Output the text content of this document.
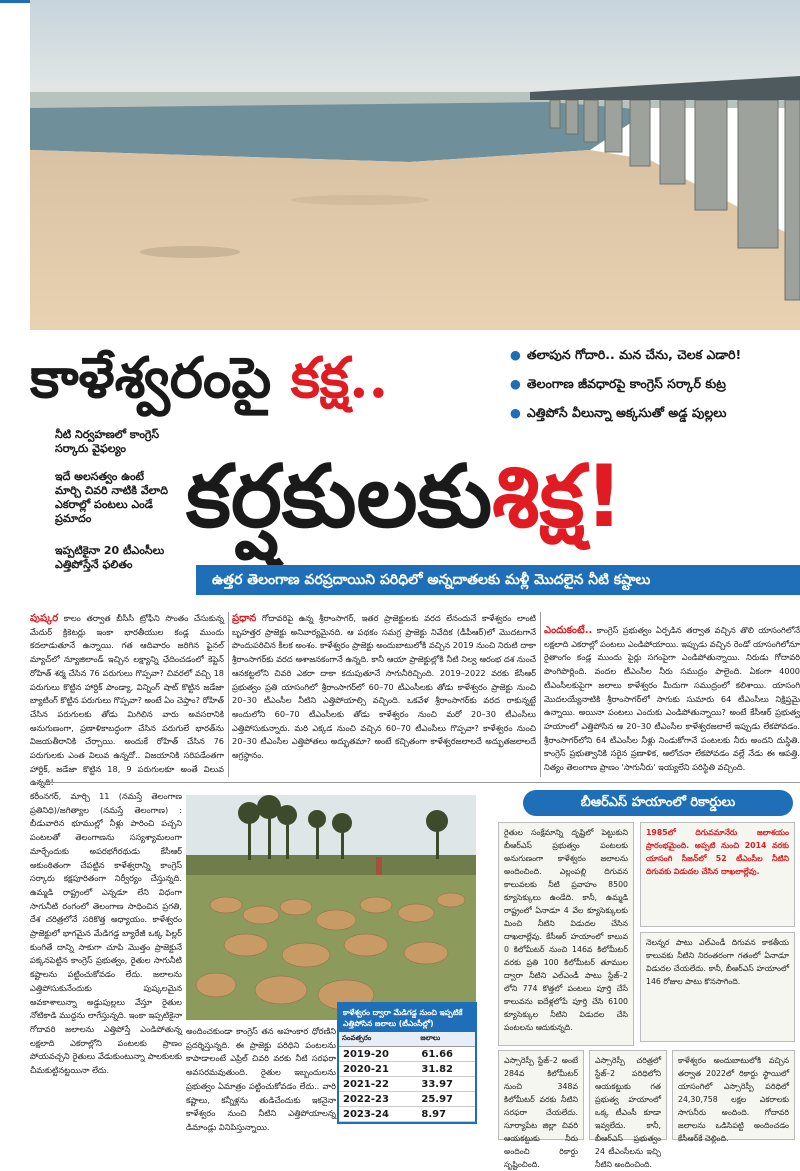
కాళేశ్వరంపై కక్ష..	● తలాపున గోదారి.. మన చేను, చెలక ఎడారి!
● తెలంగాణ జీవధారపై కాంగ్రెస్‌ సర్కార్‌ కుట్ర
● ఎత్తిపోసే వీలున్నా అక్కసుతో అడ్డ పుల్లలు
నీటి నిర్వహణలో కాంగ్రెస్‌ సర్కారు వైఫల్యం
ఇదే అలసత్వం ఉంటే మార్చి చివరి నాటికి వేలాది ఎకరాల్లో పంటలు ఎండే ప్రమాదం
ఇప్పటికైనా 20 టీఎంసీలు ఎత్తిపోస్తేనే ఫలితం
కర్షకులకుశిక్ష!
ఉత్తర తెలంగాణ వరప్రదాయిని పరిధిలో అన్నదాతలకు మళ్లీ మొదలైన నీటి కష్టాలు
పుష్కర కాలం తర్వాత బీసీసీ ట్రోఫీని సొంతం చేసుకున్న మేదుర్‌ క్రికెటర్లు ఇంకా భారతీయుల కండ్ల ముందు కదలాడుతూనే ఉన్నాయి. గత ఆదివారం జరిగిన ఫైనల్‌ మ్యాచ్‌లో న్యూజిలాండ్‌ ఇచ్చిన లక్ష్యాన్ని ఛేదించడంలో కెప్టెన్‌ రోహిత్‌ శర్మ చేసిన 76 పరుగులు గొప్పవా? చివరలో వచ్చి 18 పరుగులు కొట్టిన హార్దిక్‌ పాండ్యా, విన్నింగ్‌ షాట్‌ కొట్టిన జడేజా బ్యాటింగ్‌ కొట్టిన పరుగులు గొప్పవా? అంటే ఏం చెప్తాం? రోహిత్‌ చేసిన పరుగులకు తోడు మిగిలిన వారు అవసరానికి అనుగుణంగా, ప్రణాళికాబద్ధంగా చేసిన పరుగులే భారత్‌ను విజయతీరానికి చేర్చాయి. అందుకే రోహిత్‌ చేసిన 76 పరుగులకు ఎంత విలువ ఉన్నదో.. విజయానికి సరిపడేంతగా హార్దిక్‌, జడేజా కొట్టిన 18, 9 పరుగులకూ అంతే విలువ
ప్రధాన గోదావరిపై ఉన్న శ్రీరాంసాగర్‌, ఇతర ప్రాజెక్టులకు వరద లేనందునే కాళేశ్వరం లాంటి బృహత్తర ప్రాజెక్టు అనివార్యమైనది. ఆ పథకం సమగ్ర ప్రాజెక్టు నివేదిక (డీపీఆర్‌)లో మొదటగానే పొందుపరిచిన కీలక అంశం. కాళేశ్వరం ప్రాజెక్టు అందుబాటులోకి వచ్చిన 2019 నుంచి నిరుటి దాకా శ్రీరాంసాగర్‌కు వరద ఆశాజనకంగానే ఉన్నది. కానీ ఆయా ప్రాజెక్టుల్లోకి నీటి నిల్వ ఆరంభ దశ నుంచే ఆనకట్టలోని చివరి ఎకరా దాకా కదుపుతూనే సాగునీరిచ్చింది. 2019–2022 వరకు కేసీఆర్‌ ప్రభుత్వం ప్రతి యాసంగిలో శ్రీరాంసాగర్‌లో 60–70 టీఎంసీలకు తోడు కాళేశ్వరం ప్రాజెక్టు నుంచి 20–30 టీఎంసీల నీటిని ఎత్తిపోయాల్సి వచ్చింది. ఒకవేళ శ్రీరాంసాగర్‌కు వరద రాకున్నట్టే అందులోని 60–70 టీఎంసీలకు తోడు కాళేశ్వరం నుంచి మరో 20–30 టీఎంసీలు ఎత్తిపోసుకున్నారు. మరి ఎక్కడ నుంచి వచ్చిన 60–70 టీఎంసీలు గొప్పవా? కాళేశ్వరం నుంచి 20–30 టీఎంసీల ఎత్తిపోతలు అద్భుతమా? అంటే కచ్చితంగా కాళేశ్వరజలాలదే అద్భుతజలాలదే అగ్రస్థానం.
ఎందుకంటే.. కాంగ్రెస్‌ ప్రభుత్వం ఏర్పడిన తర్వాత వచ్చిన తొలి యాసంగిలోనే లక్షలాది ఎకరాల్లో పంటలు ఎండిపోయాయి. ఇప్పుడు వచ్చిన రెండో యాసంగిలోనూ రైతాంగం కండ్ల ముందు పైర్లు సగంపైగా ఎండిపోతున్నాయి. నిరుడు గోదావరి పొంగిపొర్లింది. వందల టీఎంసీల నీరు సముద్రం పాలైంది. ఏకంగా 4000 టీఎంసీలకుపైగా జలాలు కాళేశ్వరం మీదుగా సముద్రంలో కలిశాయి. యాసంగి మొదలయ్యేనాటికి శ్రీరాంసాగర్‌లో సాగుకు సుమారు 64 టీఎంసీలు నిక్షిప్తమై ఉన్నాయి. అయినా పంటలు ఎందుకు ఎండిపోతున్నాయి? అంటే కేసీఆర్‌ ప్రభుత్వ హయాంలో ఎత్తిపోసిన ఆ 20–30 టీఎంసీల కాళేశ్వరజలాలే ఇప్పుడు లేకపోవడం. శ్రీరాంసాగర్‌లోని 64 టీఎంసీల నీళ్లు నిండుకోగానే పంటలకు నీరు అందని దుస్థితి. కాంగ్రెస్‌ ప్రభుత్వానికి సరైన ప్రణాళిక, ఆలోచనా లేకపోవడం వల్లే నేడు ఈ ఆపత్తి. నిత్యం తెలంగాణ ప్రాణం 'సాగునీరు' ఇయ్యలేని పరిస్థితి వచ్చింది.
కరీంనగర్‌, మార్చి 11 (నమస్తే తెలంగాణ ప్రతినిధి)/జగిత్యాల (నమస్తే తెలంగాణ) : బీడువారిన భూముల్లో నీళ్లు పారించి పచ్చని పంటలతో తెలంగాణను సస్యశ్యామలంగా మార్చేందుకు అపరభగీరథుడు కేసీఆర్‌ అకుంఠితంగా చేపట్టిన కాళేశ్వరాన్ని కాంగ్రెస్‌ సర్కారు కక్షపూరితంగా నిర్వీర్యం చేస్తున్నది. ఉమ్మడి రాష్ట్రంలో ఎన్నడూ లేని విధంగా సాగునీటి రంగంలో తెలంగాణ సాధించిన ప్రగతి, దేశ చరిత్రలోనే సరికొత్త అధ్యాయం. కాళేశ్వరం ప్రాజెక్టులో భాగమైన మేడిగడ్డ బ్యారేజీ ఒక్క పిల్లర్‌ కుంగితే దాన్ని సాకుగా చూపి మొత్తం ప్రాజెక్టునే పక్కనపెట్టిన కాంగ్రెస్‌ ప్రభుత్వం, రైతుల సాగునీటి కష్టాలను పట్టించుకోవడం లేదు. జలాలను ఎత్తిపోసుకునేందుకు పుష్కలమైన అవకాశాలున్నా అడ్డుపుల్లలు వేస్తూ రైతుల నోటికాడి ముద్దను లాగేస్తున్నది. ఇంకా ఇప్పటికైనా గోదావరి జలాలను ఎత్తిపోస్తే ఎండిపోతున్న లక్షలాది ఎకరాల్లోని పంటలకు ప్రాణం పోయవచ్చని రైతులు వేడుకుంటున్నా పాలకులకు చీమకుట్టినట్టయినా లేదు.
అందించకుండా కాంగ్రెస్‌ తన అహంకార ధోరణిని ప్రదర్శిస్తున్నది. ఈ ప్రాజెక్టు పరిధిని పంటలను కాపాడాలంటే ఎప్రిల్‌ చివరి వరకు నీటి సరఫరా అవసరమవుతుంది. రైతుల ఇబ్బందులను ప్రభుత్వం ఏమాత్రం పట్టించుకోవడం లేదు.. వారి కష్టాలు, కన్నీళ్లను తుడిచేందుకు ఇకనైనా కాళేశ్వరం నుంచి నీటిని ఎత్తిపోయాలన్న డిమాండ్లు వినిపిస్తున్నాయి.
కాళేశ్వరం ద్వారా మేడిగడ్డ నుంచి ఇప్పటికే ఎత్తిపోసిన జలాలు (టీఎంసీల్లో)
సంవత్సరం	జలాలు
2019-20	61.66
2020-21	31.82
2021-22	33.97
2022-23	25.97
2023-24	8.97
బీఆర్‌ఎస్‌ హయాంలో రికార్డులు
రైతుల సంక్షేమాన్ని దృష్టిలో పెట్టుకుని బీఆర్‌ఎస్‌ ప్రభుత్వం పంటలకు అనుగుణంగా కాళేశ్వరం జలాలను అందించింది. ఎల్లంపల్లి దిగువన కాలువలకు నీటి ప్రవాహం 8500 క్యూసెక్కులు ఉండేది. కానీ, ఉమ్మడి రాష్ట్రంలో ఏనాడూ 4 వేల క్యూసెక్కులకు మించి నీటిని విడుదల చేసిన దాఖలాల్లేవు. కేసీఆర్‌ హయాంలో కాలువ 0 కిలోమీటర్‌ నుంచి 146వ కిలోమీటర్‌ వరకు ప్రతి 100 కిలోమీటర్‌ తూముల ద్వారా నీటిని ఎల్‌ఎండీ పాటు స్టేజ్‌–2 లోని 774 కొత్తలో పంటలు పూర్తి చేసే కాలువను ఐదేళ్లలోపే పూర్తి చేసి 6100 క్యూసెక్కుల నీటిని విడుదల చేసి పంటలను ఆదుకున్నది.
1985లో దిగువమానేరు జలాశయం ప్రారంభమైంది. అప్పటి నుంచి 2014 వరకు యాసంగి సీజన్‌లో 52 టీఎంసీల నీటిని దిగువకు విడుదల చేసిన దాఖలాల్లేవు.
నెలన్నర పాటు ఎల్‌ఎండీ దిగువన కాకతీయ కాలువకు నీటిని నిరంతరంగా గతంలో ఏనాడూ విడుదల చేయలేదు. కానీ, బీఆర్‌ఎస్‌ హయాంలో 146 రోజుల పాటు కొనసాగింది.
ఎస్సారెస్పీ స్టేజ్‌–2 అంటే 284వ కిలోమీటర్‌ నుంచి 348వ కిలోమీటర్‌ వరకు నీటిని సరఫరా చేయలేదు. సూర్యాపేట జిల్లా చివరి ఆయకట్టుకు నీరు అందించి రికార్డు సృష్టించింది.
ఎస్సారెస్పీ చరిత్రలో స్టేజ్‌–2 పరిధిలోని ఆయకట్టుకు గత ప్రభుత్వ హయాంలో ఒక్క టీఎంసీ కూడా ఇవ్వలేదు. కానీ, బీఆర్‌ఎస్‌ ప్రభుత్వం 24 టీఎంసీలను ఇచ్చి నీటిని అందించింది.
కాళేశ్వరం అందుబాటులోకి వచ్చిన తర్వాత 2022లో రికార్డు స్థాయిలో యాసంగిలో ఎస్సారెస్పీ పరిధిలో 24,30,758 లక్షల ఎకరాలకు సాగునీరు అందింది. గోదావరి జలాలను ఒడిసిపట్టి అందించడం కేసీఆర్‌కే చెల్లింది.
